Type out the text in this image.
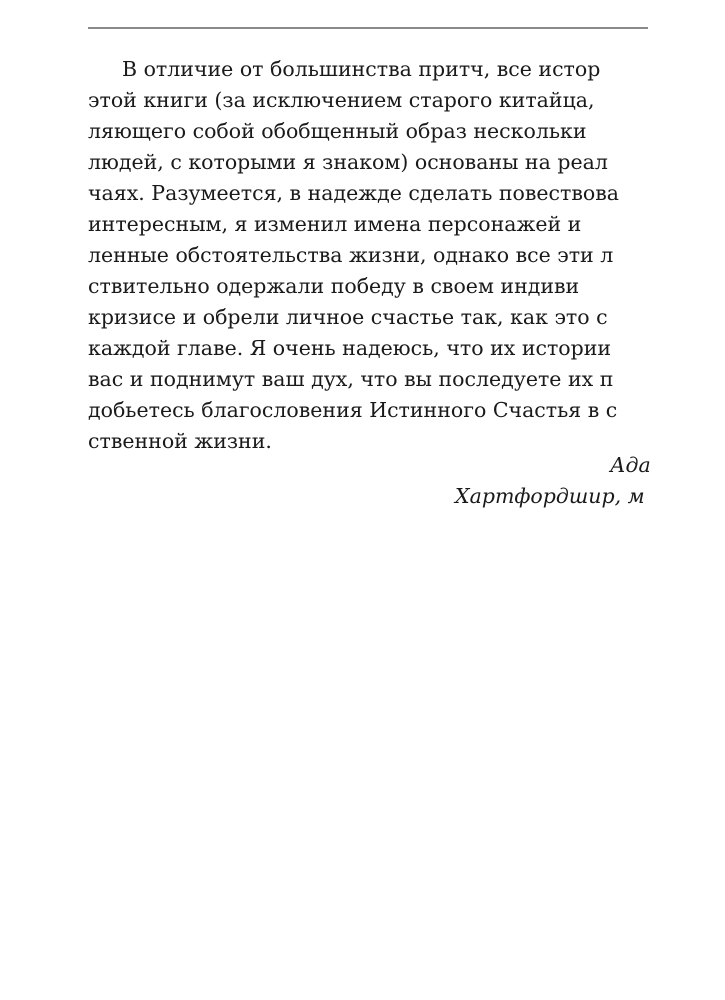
В отличие от большинства притч, все истор
этой книги (за исключением старого китайца,
ляющего собой обобщенный образ нескольки
людей, с которыми я знаком) основаны на реал
чаях. Разумеется, в надежде сделать повествова
интересным, я изменил имена персонажей и
ленные обстоятельства жизни, однако все эти л
ствительно одержали победу в своем индиви
кризисе и обрели личное счастье так, как это с
каждой главе. Я очень надеюсь, что их истории
вас и поднимут ваш дух, что вы последуете их п
добьетесь благословения Истинного Счастья в с
ственной жизни.
Ада
Хартфордшир, м
